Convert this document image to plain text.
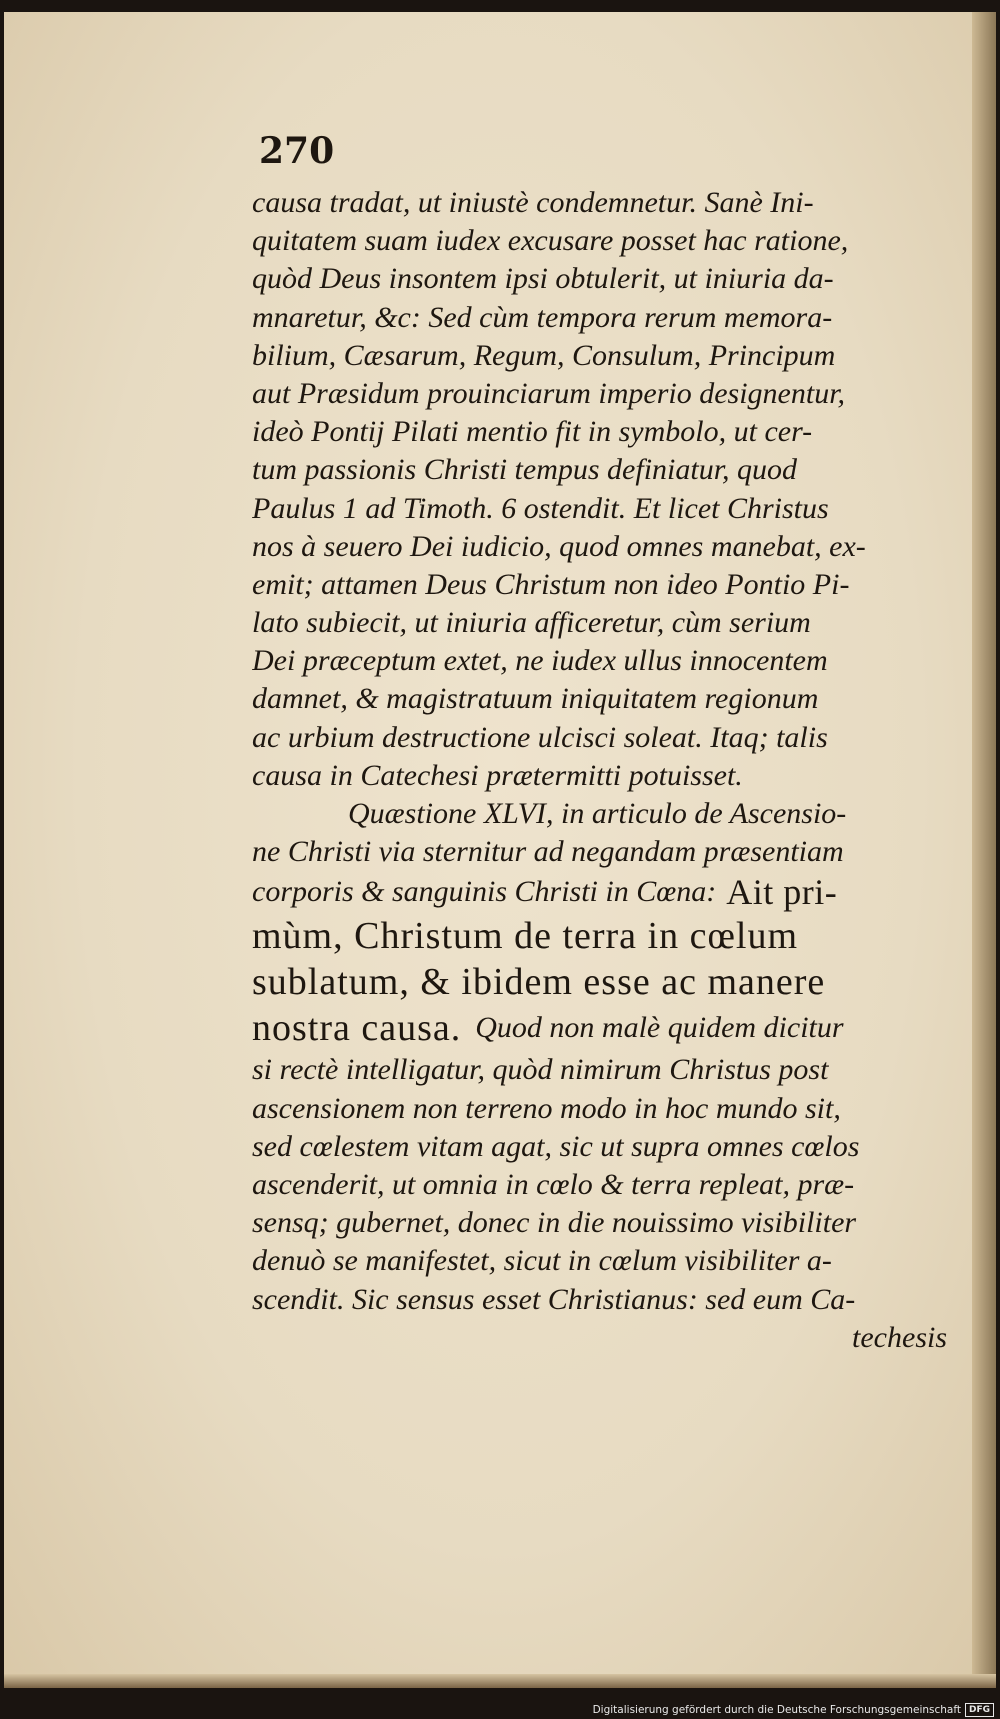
270
causa tradat, ut iniustè condemnetur. Sanè Ini-
quitatem suam iudex excusare posset hac ratione,
quòd Deus insontem ipsi obtulerit, ut iniuria da-
mnaretur, &c: Sed cùm tempora rerum memora-
bilium, Cæsarum, Regum, Consulum, Principum
aut Præsidum prouinciarum imperio designentur,
ideò Pontij Pilati mentio fit in symbolo, ut cer-
tum passionis Christi tempus definiatur, quod
Paulus 1 ad Timoth. 6 ostendit. Et licet Christus
nos à seuero Dei iudicio, quod omnes manebat, ex-
emit; attamen Deus Christum non ideo Pontio Pi-
lato subiecit, ut iniuria afficeretur, cùm serium
Dei præceptum extet, ne iudex ullus innocentem
damnet, & magistratuum iniquitatem regionum
ac urbium destructione ulcisci soleat. Itaq; talis
causa in Catechesi prætermitti potuisset.
Quæstione XLVI, in articulo de Ascensio-
ne Christi via sternitur ad negandam præsentiam
corporis & sanguinis Christi in Cœna: Ait pri-
mùm, Christum de terra in cœlum
sublatum, & ibidem esse ac manere
nostra causa. Quod non malè quidem dicitur
si rectè intelligatur, quòd nimirum Christus post
ascensionem non terreno modo in hoc mundo sit,
sed cœlestem vitam agat, sic ut supra omnes cœlos
ascenderit, ut omnia in cœlo & terra repleat, præ-
sensq; gubernet, donec in die nouissimo visibiliter
denuò se manifestet, sicut in cœlum visibiliter a-
scendit. Sic sensus esset Christianus: sed eum Ca-
techesis
Digitalisierung gefördert durch die Deutsche Forschungsgemeinschaft DFG
